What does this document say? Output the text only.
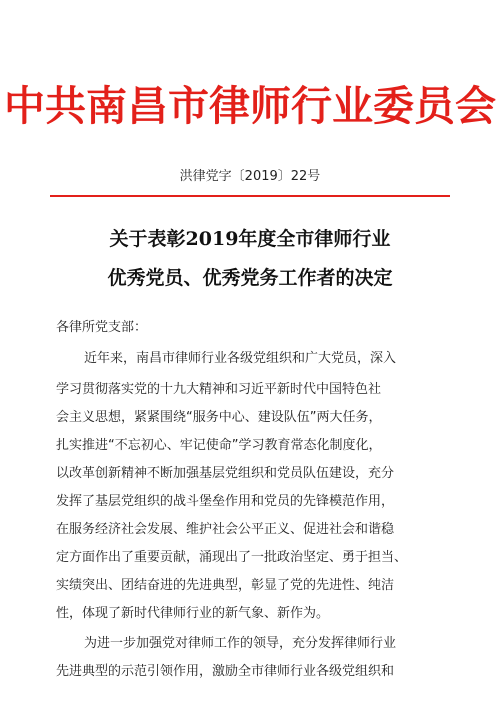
中共南昌市律师行业委员会
洪律党字〔2019〕22号
关于表彰2019年度全市律师行业
优秀党员、优秀党务工作者的决定
各律所党支部：
近年来，南昌市律师行业各级党组织和广大党员，深入
学习贯彻落实党的十九大精神和习近平新时代中国特色社
会主义思想，紧紧围绕“服务中心、建设队伍”两大任务，
扎实推进“不忘初心、牢记使命”学习教育常态化制度化，
以改革创新精神不断加强基层党组织和党员队伍建设，充分
发挥了基层党组织的战斗堡垒作用和党员的先锋模范作用，
在服务经济社会发展、维护社会公平正义、促进社会和谐稳
定方面作出了重要贡献，涌现出了一批政治坚定、勇于担当、
实绩突出、团结奋进的先进典型，彰显了党的先进性、纯洁
性，体现了新时代律师行业的新气象、新作为。
为进一步加强党对律师工作的领导，充分发挥律师行业
先进典型的示范引领作用，激励全市律师行业各级党组织和
